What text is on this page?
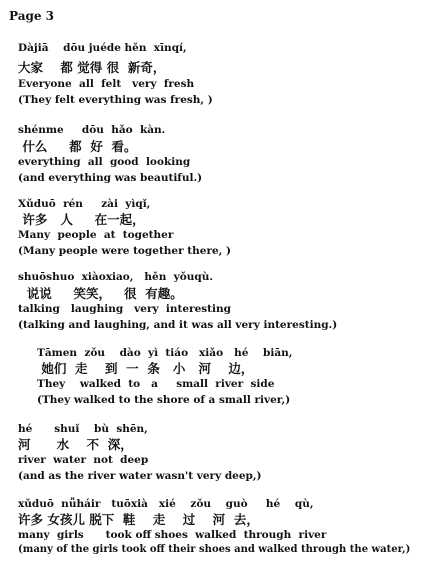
Page 3
Dàjiā    dōu juéde hěn  xīnqí,
大家    都 觉得 很  新奇，
Everyone  all  felt   very  fresh
(They felt everything was fresh, )
shénme     dōu  hǎo  kàn.
什么     都  好  看。
everything  all  good  looking
(and everything was beautiful.)
Xǔduō  rén     zài  yìqǐ,
许多   人     在一起，
Many  people  at  together
(Many people were together there, )
shuōshuo  xiàoxiao,   hěn  yǒuqù.
说说     笑笑，   很  有趣。
talking   laughing   very  interesting
(talking and laughing, and it was all very interesting.)
Tāmen  zǒu    dào  yì  tiáo   xiǎo   hé    biān,
她们  走    到  一  条   小   河    边，
They    walked  to   a     small  river  side
(They walked to the shore of a small river,)
hé      shuǐ    bù  shēn,
河      水    不  深，
river  water  not  deep
(and as the river water wasn't very deep,)
xǔduō  nǚháir   tuōxià   xié    zǒu    guò     hé    qù,
许多 女孩儿 脱下  鞋    走    过    河  去，
many  girls      took off shoes  walked  through  river
(many of the girls took off their shoes and walked through the water,)
